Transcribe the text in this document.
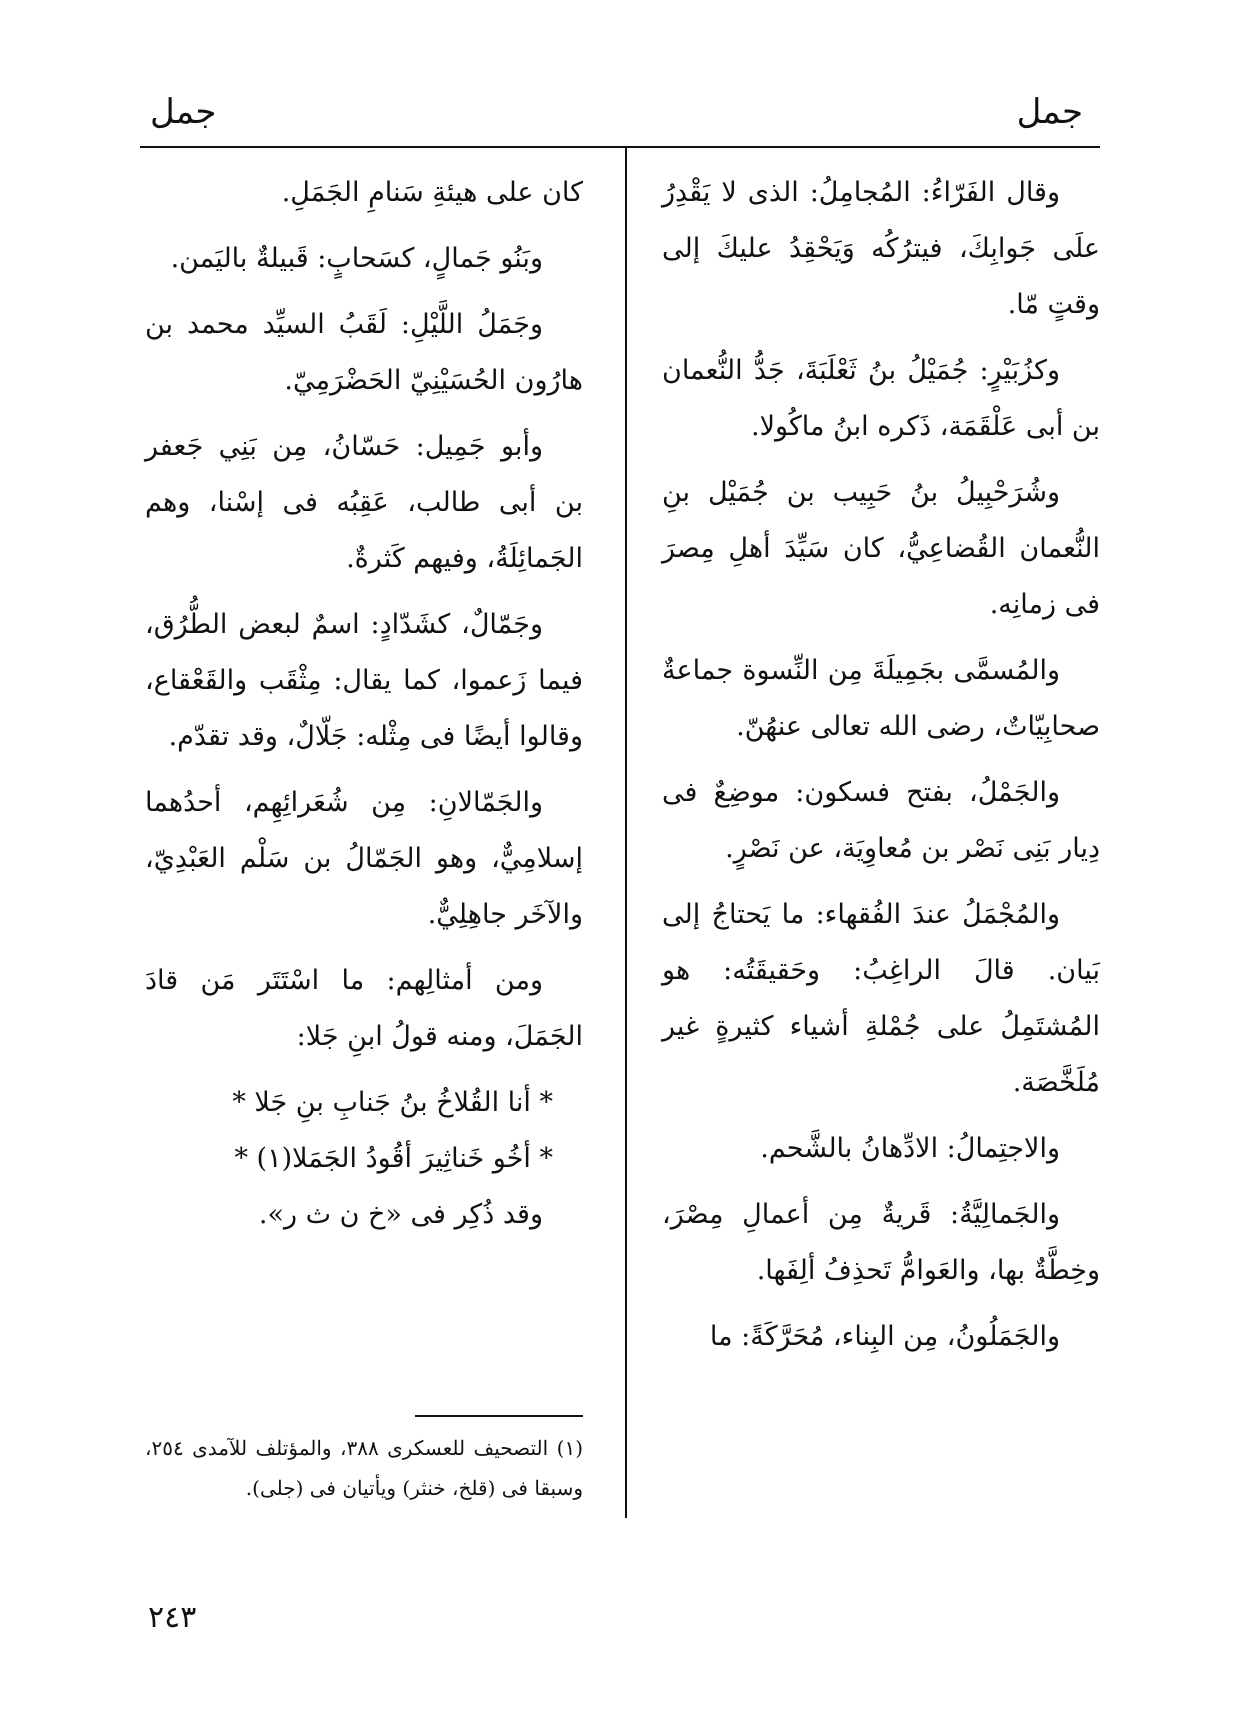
جمل	جمل

وقال الفَرّاءُ: المُجامِلُ: الذى لا يَقْدِرُ علَى جَوابِكَ، فيترُكُه وَيَحْقِدُ عليكَ إلى وقتٍ مّا.

وكزُبَيْرٍ: جُمَيْلُ بنُ ثَعْلَبَةَ، جَدُّ النُّعمان بن أبى عَلْقَمَة، ذَكره ابنُ ماكُولا.

وشُرَحْبِيلُ بنُ حَبِيب بن جُمَيْل بنِ النُّعمان القُضاعِيُّ، كان سَيِّدَ أهلِ مِصرَ فى زمانِه.

والمُسمَّى بجَمِيلَةَ مِن النِّسوة جماعةٌ صحابِيّاتٌ، رضى الله تعالى عنهُنّ.

والجَمْلُ، بفتح فسكون: موضِعٌ فى دِيار بَنِى نَصْر بن مُعاوِيَة، عن نَصْرٍ.

والمُجْمَلُ عندَ الفُقهاء: ما يَحتاجُ إلى بَيان. قالَ الراغِبُ: وحَقيقَتُه: هو المُشتَمِلُ على جُمْلةِ أشياء كثيرةٍ غير مُلَخَّصَة.

والاجتِمالُ: الادِّهانُ بالشَّحم.

والجَمالِيَّةُ: قَريةٌ مِن أعمالِ مِصْرَ، وخِطَّةٌ بها، والعَوامُّ تَحذِفُ ألِفَها.

والجَمَلُونُ، مِن البِناء، مُحَرَّكَةً: ما

كان على هيئةِ سَنامِ الجَمَلِ.

وبَنُو جَمالٍ، كسَحابٍ: قَبيلةٌ باليَمن.

وجَمَلُ اللَّيْلِ: لَقَبُ السيِّد محمد بن هارُون الحُسَيْنِيّ الحَضْرَمِيّ.

وأبو جَمِيل: حَسّانُ، مِن بَنِي جَعفر بن أبى طالب، عَقِبُه فى إسْنا، وهم الجَمائِلَةُ، وفيهم كَثرةٌ.

وجَمّالٌ، كشَدّادٍ: اسمٌ لبعض الطُّرُق، فيما زَعموا، كما يقال: مِثْقَب والقَعْقاع، وقالوا أيضًا فى مِثْله: جَلّالٌ، وقد تقدّم.

والجَمّالانِ: مِن شُعَرائِهِم، أحدُهما إسلامِيٌّ، وهو الجَمّالُ بن سَلْم العَبْدِيّ، والآخَر جاهِلِيٌّ.

ومن أمثالِهم: ما اسْتَتَر مَن قادَ الجَمَلَ، ومنه قولُ ابنِ جَلا:

* أنا القُلاخُ بنُ جَنابِ بنِ جَلا *

* أخُو خَناثِيرَ أقُودُ الجَمَلا(١) *

وقد ذُكِر فى «خ ن ث ر».

(١) التصحيف للعسكرى ٣٨٨، والمؤتلف للآمدى ٢٥٤، وسبقا فى (قلخ، خنثر) ويأتيان فى (جلى).

٢٤٣
